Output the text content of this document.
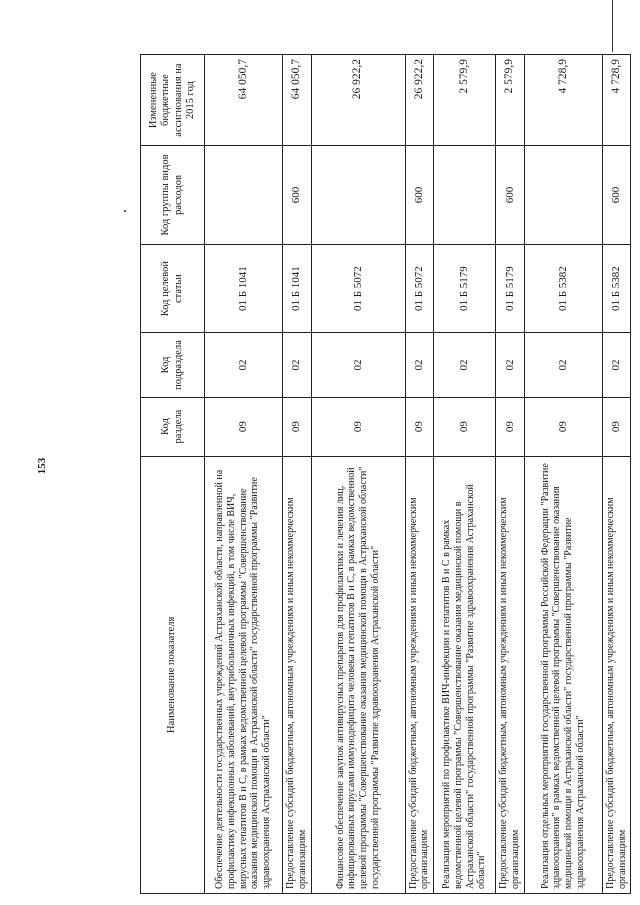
153
Наименование показателя	Код раздела	Код подраздела	Код целевой статьи	Код группы видов расходов	Измененные бюджетные ассигнования на 2015 год
Обеспечение деятельности государственных учреждений Астраханской области, направленной на профилактику инфекционных заболеваний, внутрибольничных инфекций, в том числе ВИЧ, вирусных гепатитов В и С, в рамках ведомственной целевой программы "Совершенствование оказания медицинской помощи в Астраханской области" государственной программы "Развитие здравоохранения Астраханской области"	09	02	01 Б 1041		64 050,7
Предоставление субсидий бюджетным, автономным учреждениям и иным некоммерческим организациям	09	02	01 Б 1041	600	64 050,7
Финансовое обеспечение закупок антивирусных препаратов для профилактики и лечения лиц, инфицированных вирусами иммунодефицита человека и гепатитов В и С, в рамках ведомственной целевой программы "Совершенствование оказания медицинской помощи в Астраханской области" государственной программы "Развитие здравоохранения Астраханской области"	09	02	01 Б 5072		26 922,2
Предоставление субсидий бюджетным, автономным учреждениям и иным некоммерческим организациям	09	02	01 Б 5072	600	26 922,2
Реализация мероприятий по профилактике ВИЧ-инфекции и гепатитов В и С в рамках ведомственной целевой программы "Совершенствование оказания медицинской помощи в Астраханской области" государственной программы "Развитие здравоохранения Астраханской области"	09	02	01 Б 5179		2 579,9
Предоставление субсидий бюджетным, автономным учреждениям и иным некоммерческим организациям	09	02	01 Б 5179	600	2 579,9
Реализация отдельных мероприятий государственной программы Российской Федерации "Развитие здравоохранения" в рамках ведомственной целевой программы "Совершенствование оказания медицинской помощи в Астраханской области" государственной программы "Развитие здравоохранения Астраханской области"	09	02	01 Б 5382		4 728,9
Предоставление субсидий бюджетным, автономным учреждениям и иным некоммерческим организациям	09	02	01 Б 5382	600	4 728,9
